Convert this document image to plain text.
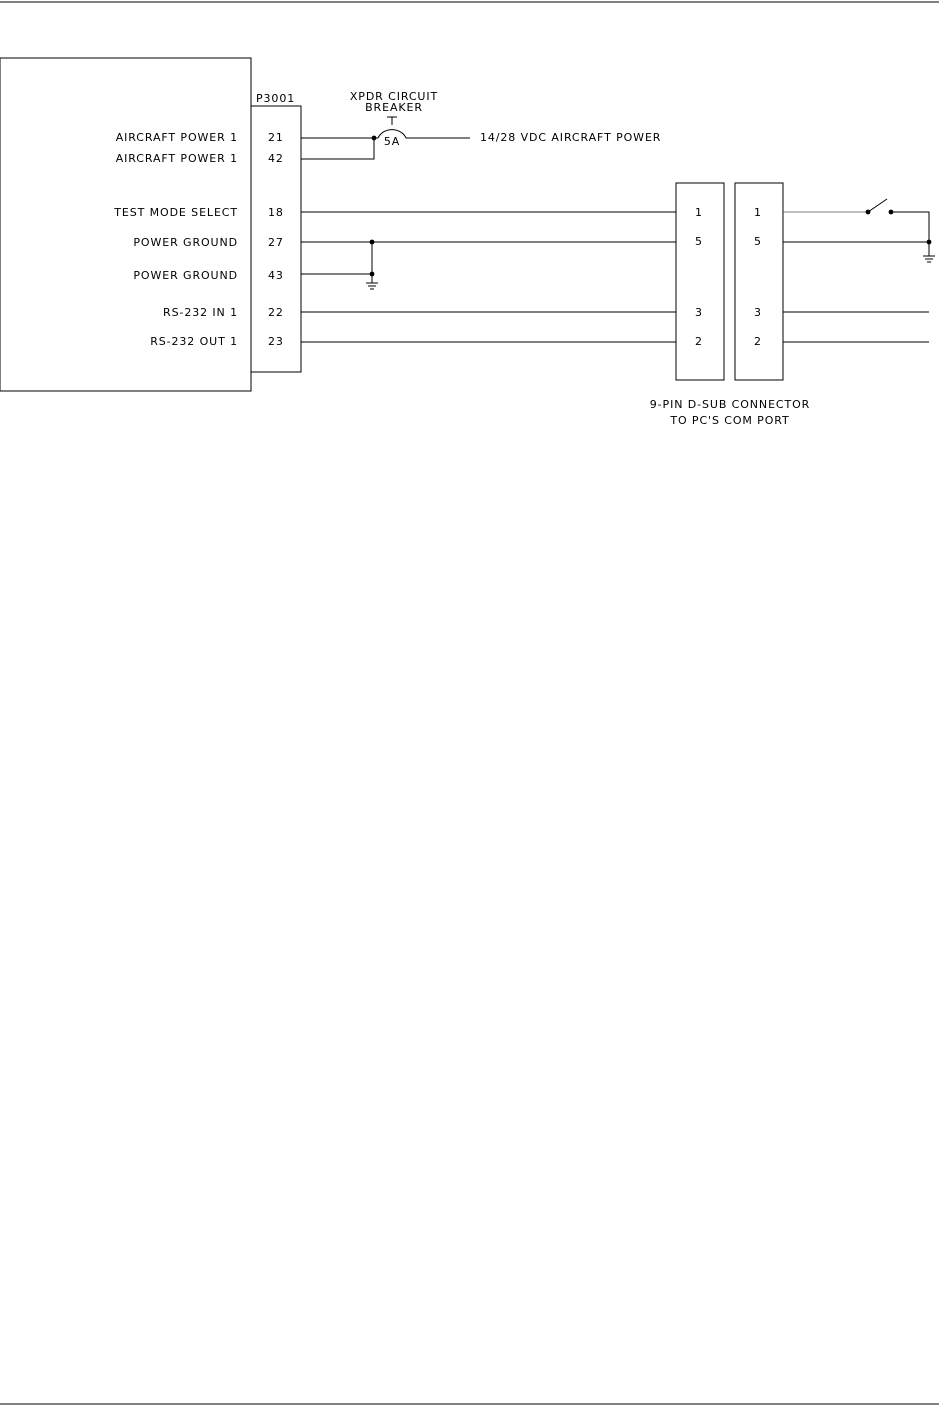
P3001
AIRCRAFT POWER 1
AIRCRAFT POWER 1
TEST MODE SELECT
POWER GROUND
POWER GROUND
RS-232 IN 1
RS-232 OUT 1
21
42
18
27
43
22
23
XPDR CIRCUIT
BREAKER
5A	14/28 VDC AIRCRAFT POWER
1
5
3
2
1
5
3
2
9-PIN D-SUB CONNECTOR
TO PC'S COM PORT
